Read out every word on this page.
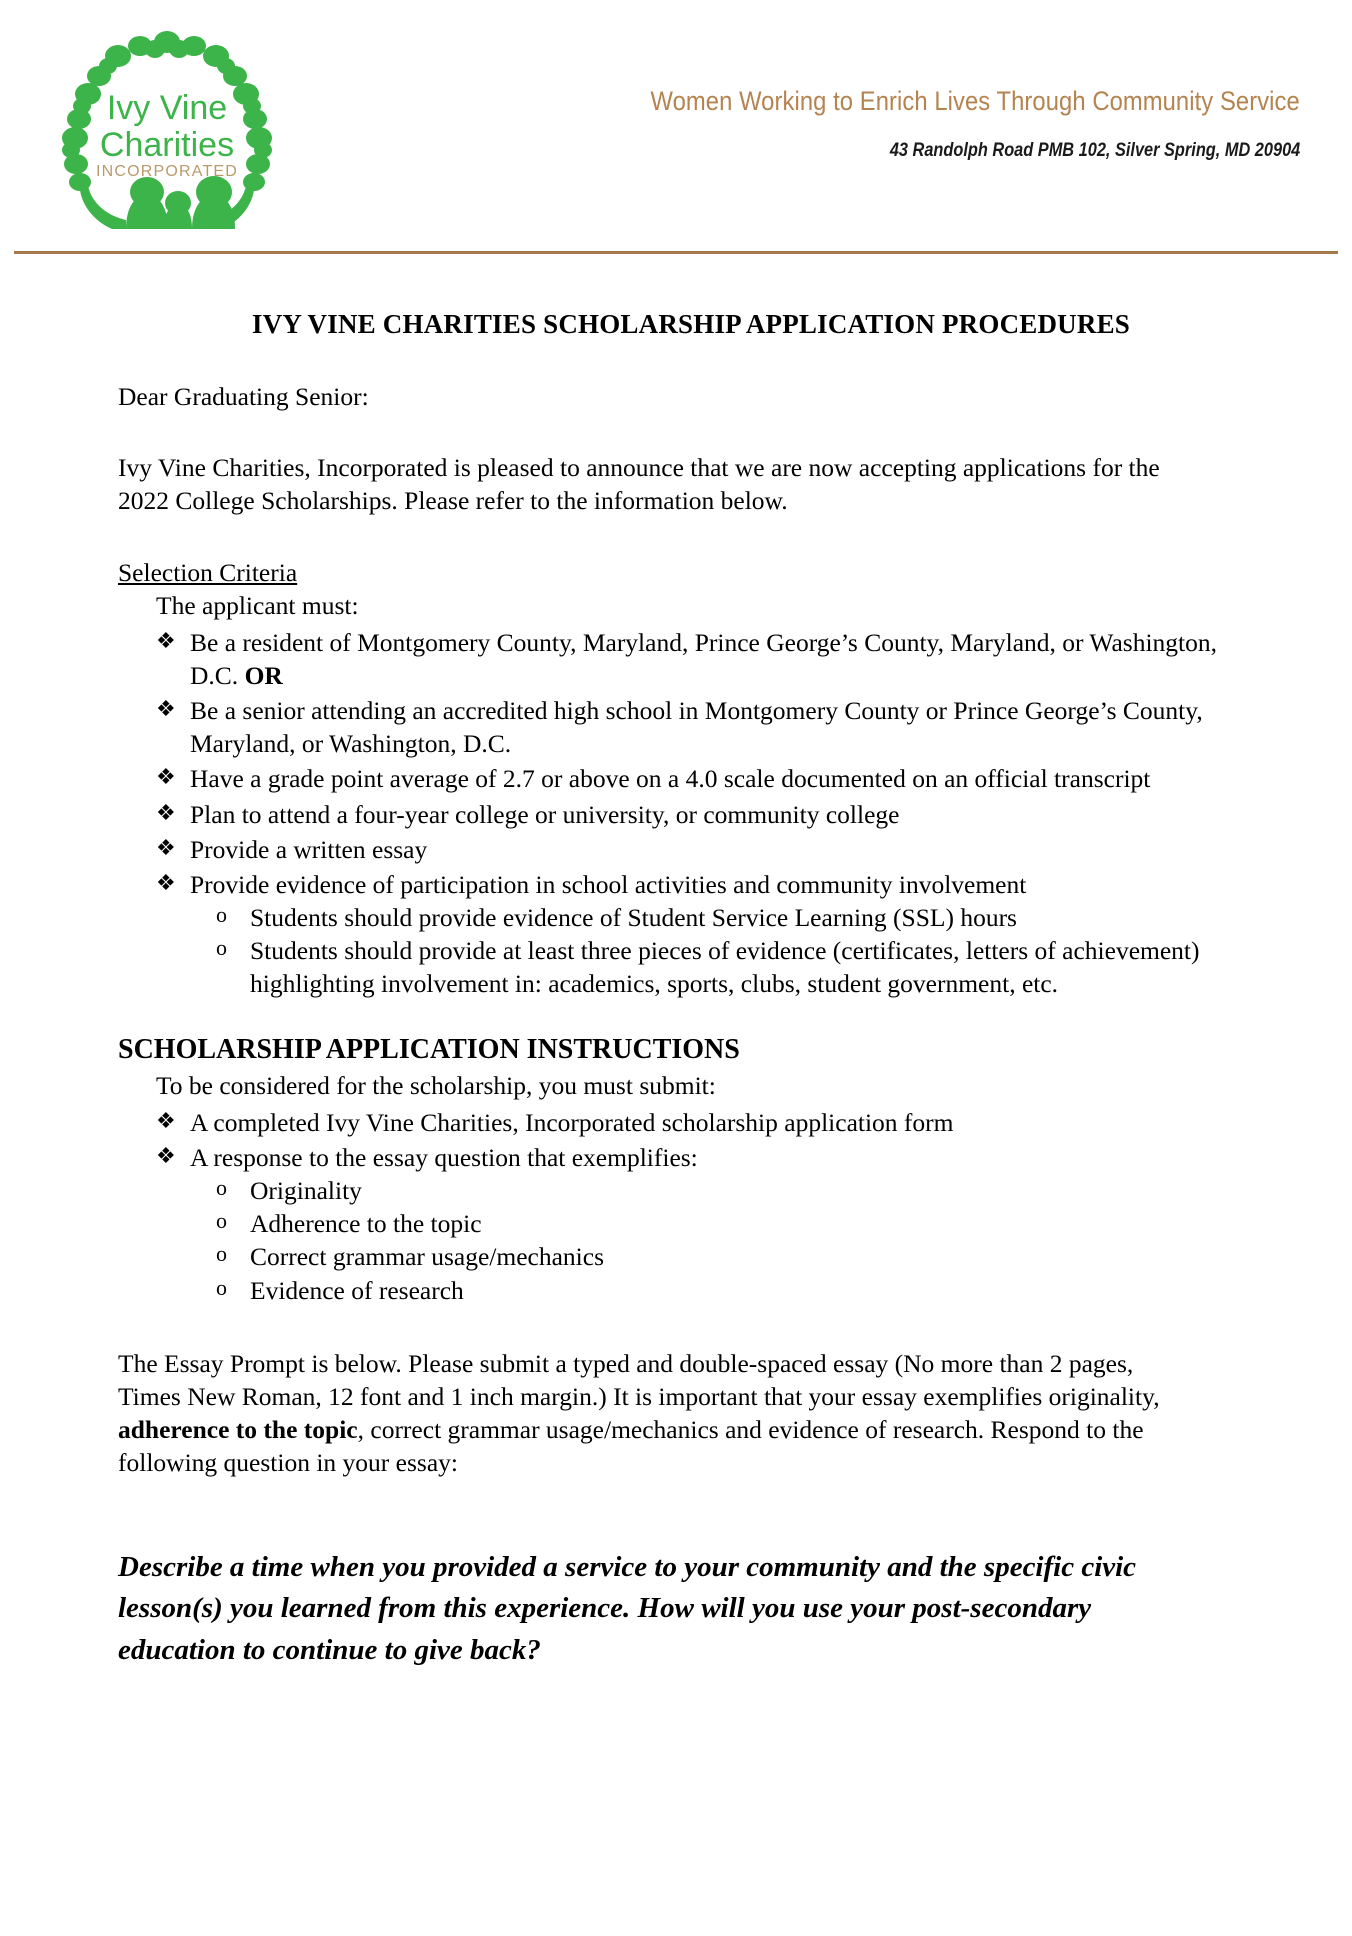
Ivy Vine
Charities
INCORPORATED
Women Working to Enrich Lives Through Community Service
43 Randolph Road PMB 102, Silver Spring, MD 20904
IVY VINE CHARITIES SCHOLARSHIP APPLICATION PROCEDURES

Dear Graduating Senior:

Ivy Vine Charities, Incorporated is pleased to announce that we are now accepting applications for the

2022 College Scholarships. Please refer to the information below.

Selection Criteria

The applicant must:

❖ Be a resident of Montgomery County, Maryland, Prince George’s County, Maryland, or Washington, D.C. OR
❖ Be a senior attending an accredited high school in Montgomery County or Prince George’s County, Maryland, or Washington, D.C.
❖ Have a grade point average of 2.7 or above on a 4.0 scale documented on an official transcript
❖ Plan to attend a four-year college or university, or community college
❖ Provide a written essay
❖ Provide evidence of participation in school activities and community involvement
o Students should provide evidence of Student Service Learning (SSL) hours
o Students should provide at least three pieces of evidence (certificates, letters of achievement) highlighting involvement in: academics, sports, clubs, student government, etc.

SCHOLARSHIP APPLICATION INSTRUCTIONS

To be considered for the scholarship, you must submit:

❖ A completed Ivy Vine Charities, Incorporated scholarship application form
❖ A response to the essay question that exemplifies:
o Originality
o Adherence to the topic
o Correct grammar usage/mechanics
o Evidence of research

The Essay Prompt is below. Please submit a typed and double-spaced essay (No more than 2 pages,

Times New Roman, 12 font and 1 inch margin.) It is important that your essay exemplifies originality,

adherence to the topic, correct grammar usage/mechanics and evidence of research. Respond to the

following question in your essay:

Describe a time when you provided a service to your community and the specific civic

lesson(s) you learned from this experience. How will you use your post-secondary

education to continue to give back?
